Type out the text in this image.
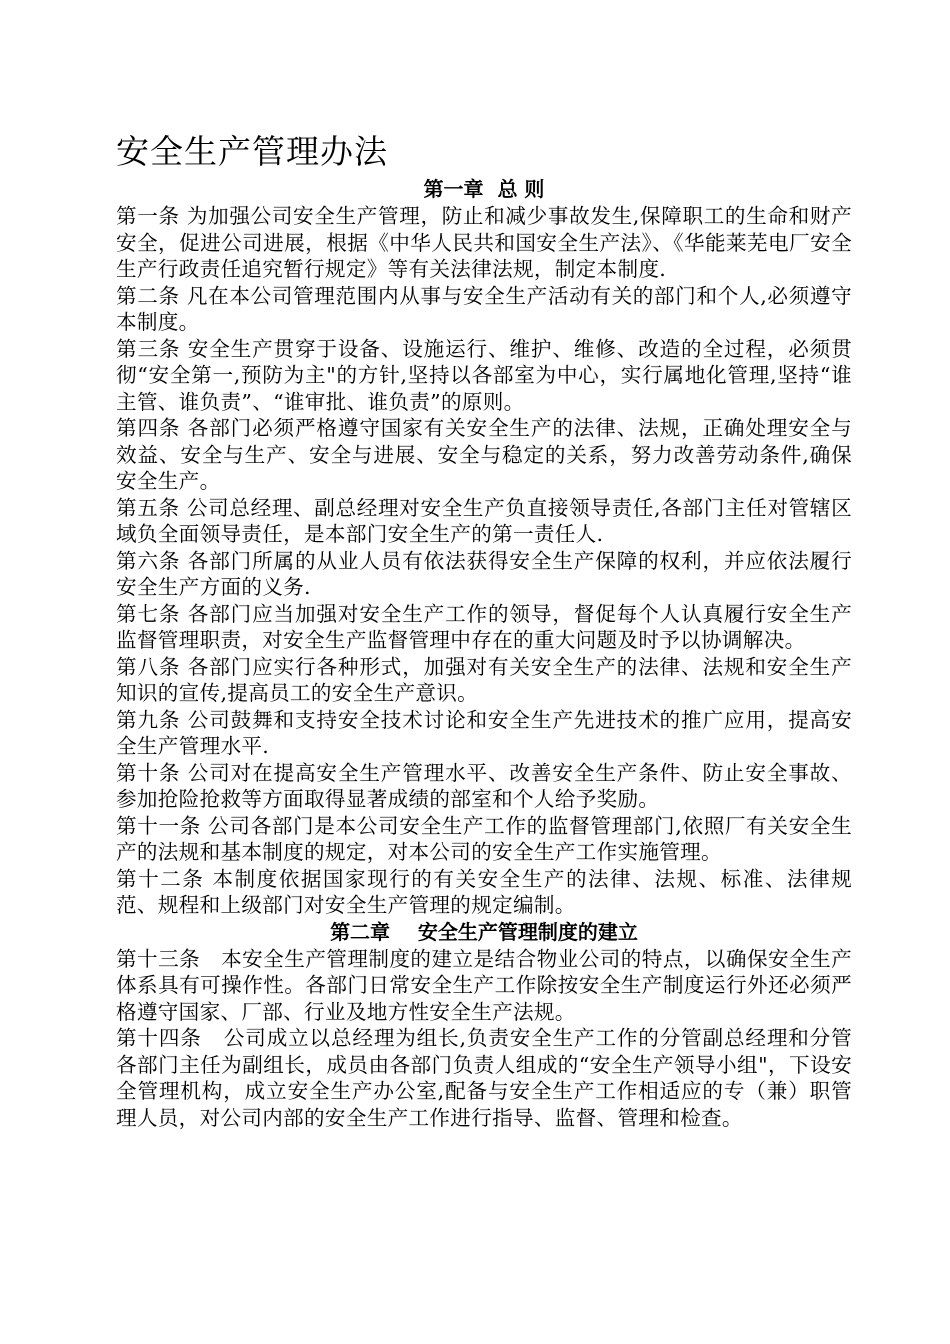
安全生产管理办法
第一章  总 则

第一条 为加强公司安全生产管理，防止和减少事故发生,保障职工的生命和财产安全，促进公司进展，根据《中华人民共和国安全生产法》、《华能莱芜电厂安全生产行政责任追究暂行规定》等有关法律法规，制定本制度.

第二条 凡在本公司管理范围内从事与安全生产活动有关的部门和个人,必须遵守本制度。

第三条 安全生产贯穿于设备、设施运行、维护、维修、改造的全过程，必须贯彻“安全第一,预防为主"的方针,坚持以各部室为中心，实行属地化管理,坚持“谁主管、谁负责”、“谁审批、谁负责”的原则。

第四条 各部门必须严格遵守国家有关安全生产的法律、法规，正确处理安全与效益、安全与生产、安全与进展、安全与稳定的关系，努力改善劳动条件,确保安全生产。

第五条 公司总经理、副总经理对安全生产负直接领导责任,各部门主任对管辖区域负全面领导责任，是本部门安全生产的第一责任人.

第六条 各部门所属的从业人员有依法获得安全生产保障的权利，并应依法履行安全生产方面的义务.

第七条 各部门应当加强对安全生产工作的领导，督促每个人认真履行安全生产监督管理职责，对安全生产监督管理中存在的重大问题及时予以协调解决。

第八条 各部门应实行各种形式，加强对有关安全生产的法律、法规和安全生产知识的宣传,提高员工的安全生产意识。

第九条 公司鼓舞和支持安全技术讨论和安全生产先进技术的推广应用，提高安全生产管理水平.

第十条 公司对在提高安全生产管理水平、改善安全生产条件、防止安全事故、参加抢险抢救等方面取得显著成绩的部室和个人给予奖励。

第十一条 公司各部门是本公司安全生产工作的监督管理部门,依照厂有关安全生产的法规和基本制度的规定，对本公司的安全生产工作实施管理。

第十二条 本制度依据国家现行的有关安全生产的法律、法规、标准、法律规范、规程和上级部门对安全生产管理的规定编制。

第二章    安全生产管理制度的建立

第十三条   本安全生产管理制度的建立是结合物业公司的特点，以确保安全生产体系具有可操作性。各部门日常安全生产工作除按安全生产制度运行外还必须严格遵守国家、厂部、行业及地方性安全生产法规。

第十四条   公司成立以总经理为组长,负责安全生产工作的分管副总经理和分管各部门主任为副组长，成员由各部门负责人组成的“安全生产领导小组"，下设安全管理机构，成立安全生产办公室,配备与安全生产工作相适应的专（兼）职管理人员，对公司内部的安全生产工作进行指导、监督、管理和检查。
